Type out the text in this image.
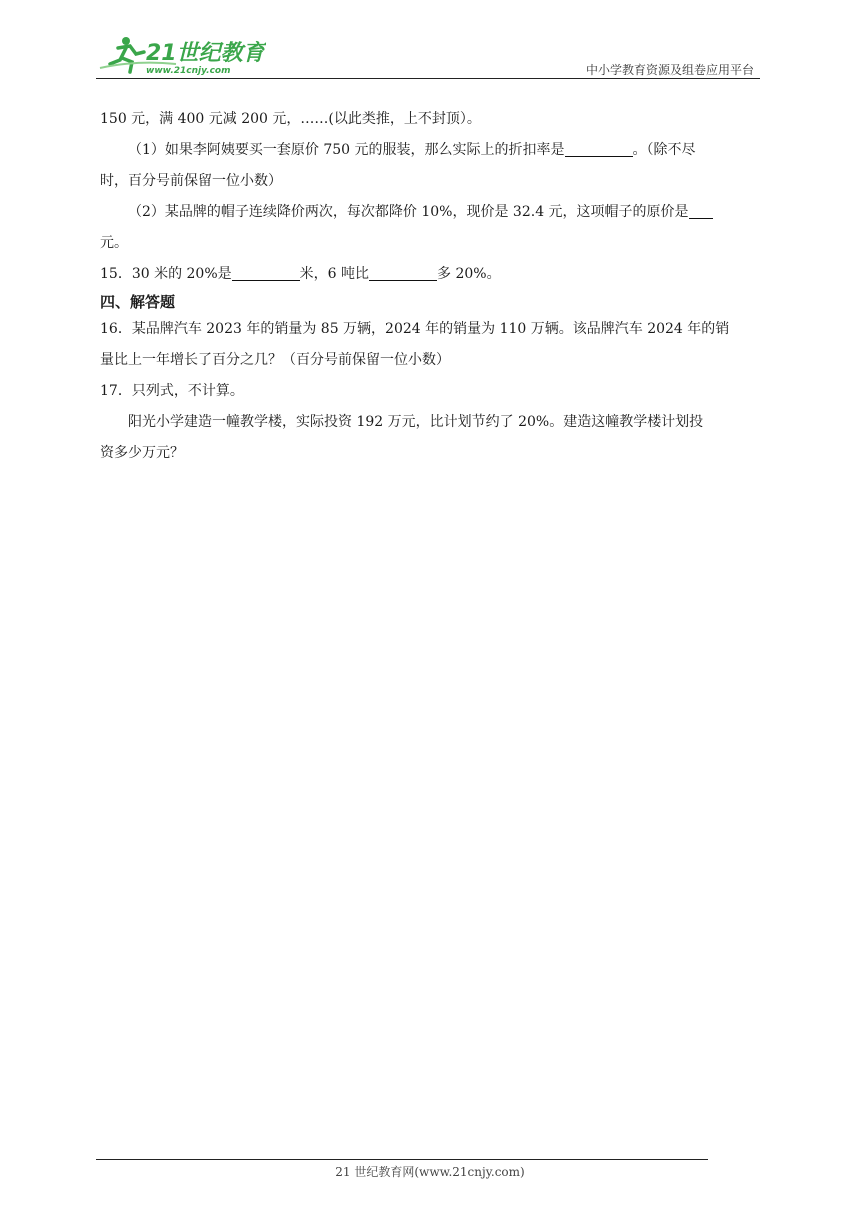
21世纪教育
www.21cnjy.com	中小学教育资源及组卷应用平台

150 元，满 400 元减 200 元，……(以此类推，上不封顶）。

（1）如果李阿姨要买一套原价 750 元的服装，那么实际上的折扣率是	。（除不尽

时，百分号前保留一位小数）

（2）某品牌的帽子连续降价两次，每次都降价 10%，现价是 32.4 元，这项帽子的原价是

元。

15．30 米的 20%是	米，6 吨比	多 20%。

四、解答题

16．某品牌汽车 2023 年的销量为 85 万辆，2024 年的销量为 110 万辆。该品牌汽车 2024 年的销

量比上一年增长了百分之几？（百分号前保留一位小数）

17．只列式，不计算。

阳光小学建造一幢教学楼，实际投资 192 万元，比计划节约了 20%。建造这幢教学楼计划投

资多少万元？

21 世纪教育网(www.21cnjy.com)
